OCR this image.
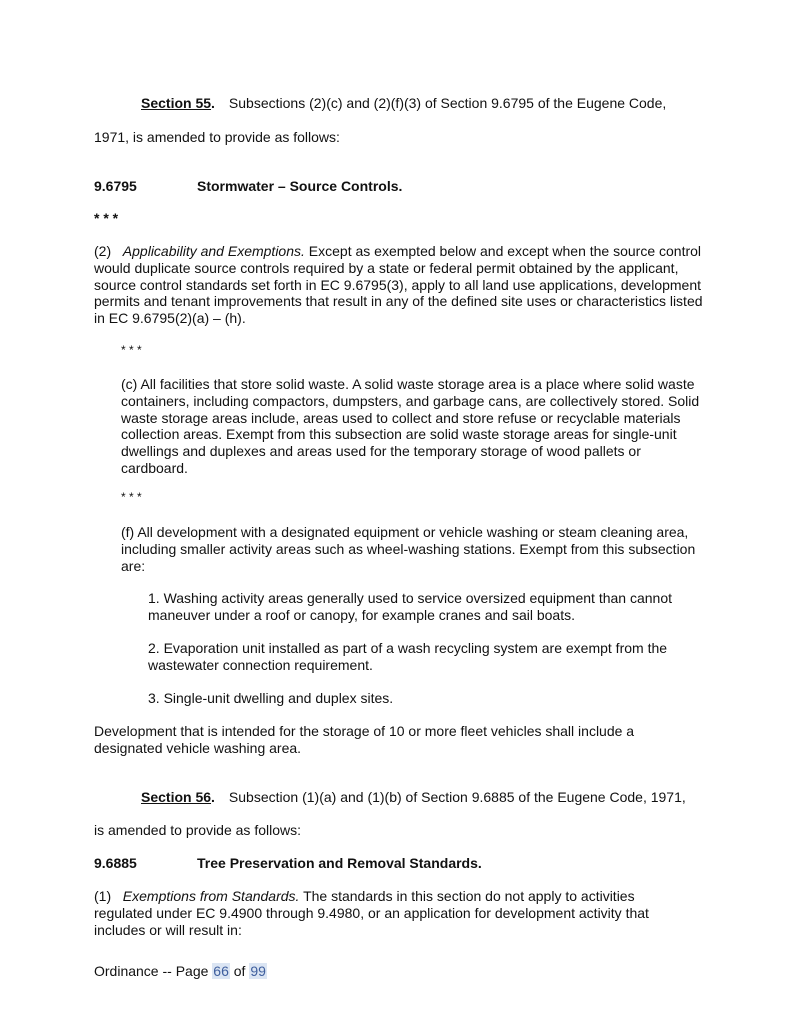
Section 55. Subsections (2)(c) and (2)(f)(3) of Section 9.6795 of the Eugene Code,
1971, is amended to provide as follows:
9.6795	Stormwater – Source Controls.
* * *
(2) Applicability and Exemptions. Except as exempted below and except when the source control would duplicate source controls required by a state or federal permit obtained by the applicant, source control standards set forth in EC 9.6795(3), apply to all land use applications, development permits and tenant improvements that result in any of the defined site uses or characteristics listed in EC 9.6795(2)(a) – (h).
* * *
(c) All facilities that store solid waste. A solid waste storage area is a place where solid waste containers, including compactors, dumpsters, and garbage cans, are collectively stored. Solid waste storage areas include, areas used to collect and store refuse or recyclable materials collection areas. Exempt from this subsection are solid waste storage areas for single-unit dwellings and duplexes and areas used for the temporary storage of wood pallets or cardboard.
* * *
(f) All development with a designated equipment or vehicle washing or steam cleaning area, including smaller activity areas such as wheel-washing stations. Exempt from this subsection are:
1. Washing activity areas generally used to service oversized equipment than cannot maneuver under a roof or canopy, for example cranes and sail boats.
2. Evaporation unit installed as part of a wash recycling system are exempt from the wastewater connection requirement.
3. Single-unit dwelling and duplex sites.
Development that is intended for the storage of 10 or more fleet vehicles shall include a designated vehicle washing area.
Section 56. Subsection (1)(a) and (1)(b) of Section 9.6885 of the Eugene Code, 1971,
is amended to provide as follows:
9.6885	Tree Preservation and Removal Standards.
(1) Exemptions from Standards. The standards in this section do not apply to activities regulated under EC 9.4900 through 9.4980, or an application for development activity that includes or will result in:
Ordinance -- Page 66 of 99
